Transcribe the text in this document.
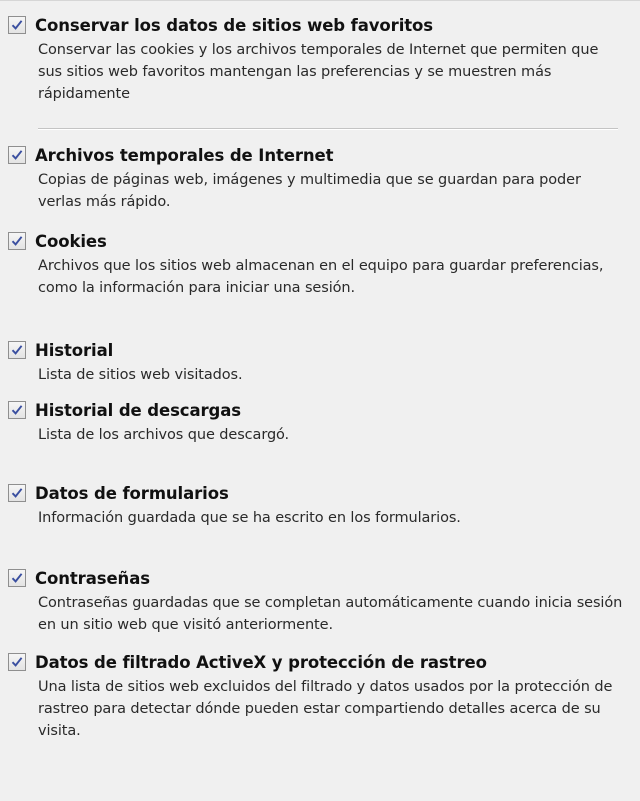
Conservar los datos de sitios web favoritos
Conservar las cookies y los archivos temporales de Internet que permiten que sus sitios web favoritos mantengan las preferencias y se muestren más rápidamente
Archivos temporales de Internet
Copias de páginas web, imágenes y multimedia que se guardan para poder verlas más rápido.
Cookies
Archivos que los sitios web almacenan en el equipo para guardar preferencias, como la información para iniciar una sesión.
Historial
Lista de sitios web visitados.
Historial de descargas
Lista de los archivos que descargó.
Datos de formularios
Información guardada que se ha escrito en los formularios.
Contraseñas
Contraseñas guardadas que se completan automáticamente cuando inicia sesión en un sitio web que visitó anteriormente.
Datos de filtrado ActiveX y protección de rastreo
Una lista de sitios web excluidos del filtrado y datos usados por la protección de rastreo para detectar dónde pueden estar compartiendo detalles acerca de su visita.
